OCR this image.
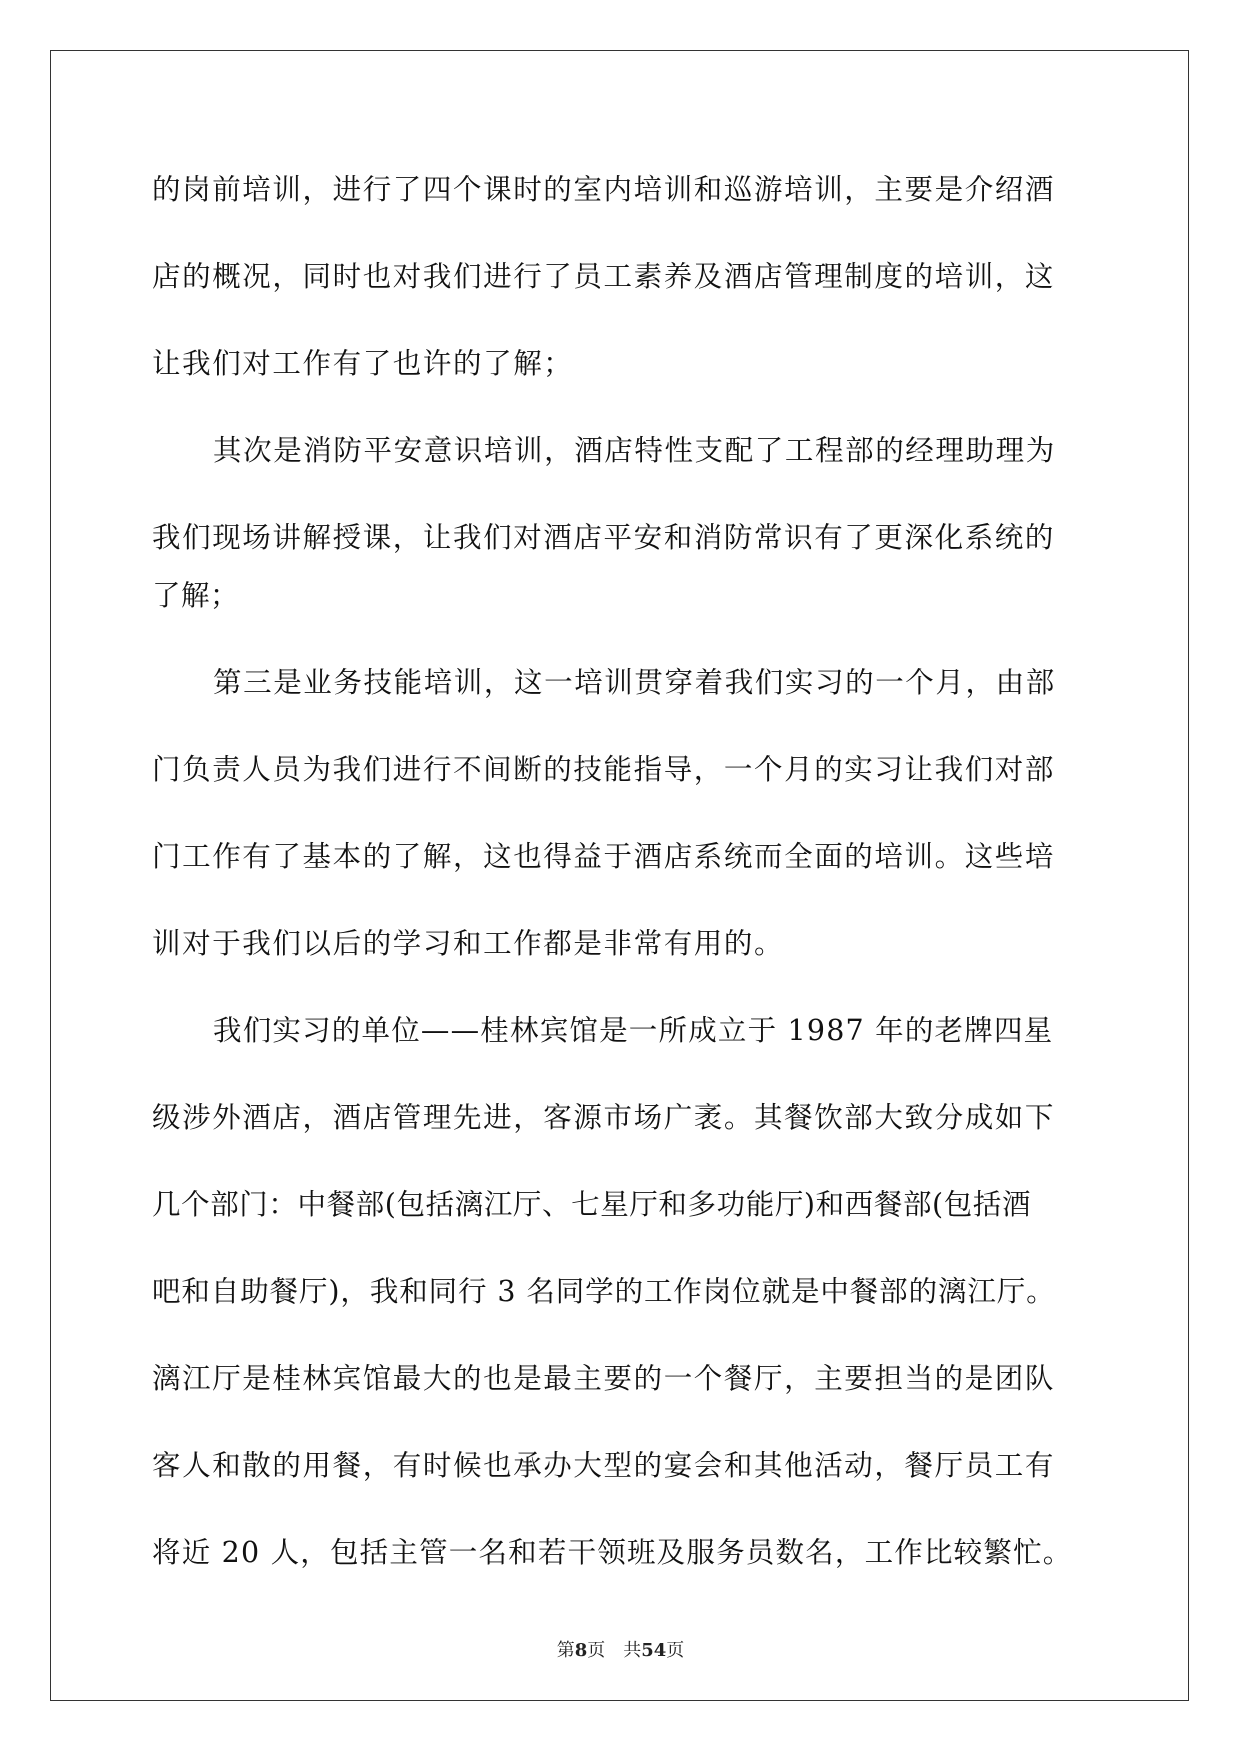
的岗前培训，进行了四个课时的室内培训和巡游培训，主要是介绍酒
店的概况，同时也对我们进行了员工素养及酒店管理制度的培训，这
让我们对工作有了也许的了解；
其次是消防平安意识培训，酒店特性支配了工程部的经理助理为
我们现场讲解授课，让我们对酒店平安和消防常识有了更深化系统的
了解；
第三是业务技能培训，这一培训贯穿着我们实习的一个月，由部
门负责人员为我们进行不间断的技能指导，一个月的实习让我们对部
门工作有了基本的了解，这也得益于酒店系统而全面的培训。这些培
训对于我们以后的学习和工作都是非常有用的。
我们实习的单位——桂林宾馆是一所成立于 1987 年的老牌四星
级涉外酒店，酒店管理先进，客源市场广袤。其餐饮部大致分成如下
几个部门：中餐部(包括漓江厅、七星厅和多功能厅)和西餐部(包括酒
吧和自助餐厅)，我和同行 3 名同学的工作岗位就是中餐部的漓江厅。
漓江厅是桂林宾馆最大的也是最主要的一个餐厅，主要担当的是团队
客人和散的用餐，有时候也承办大型的宴会和其他活动，餐厅员工有
将近 20 人，包括主管一名和若干领班及服务员数名，工作比较繁忙。
第8页　共54页
